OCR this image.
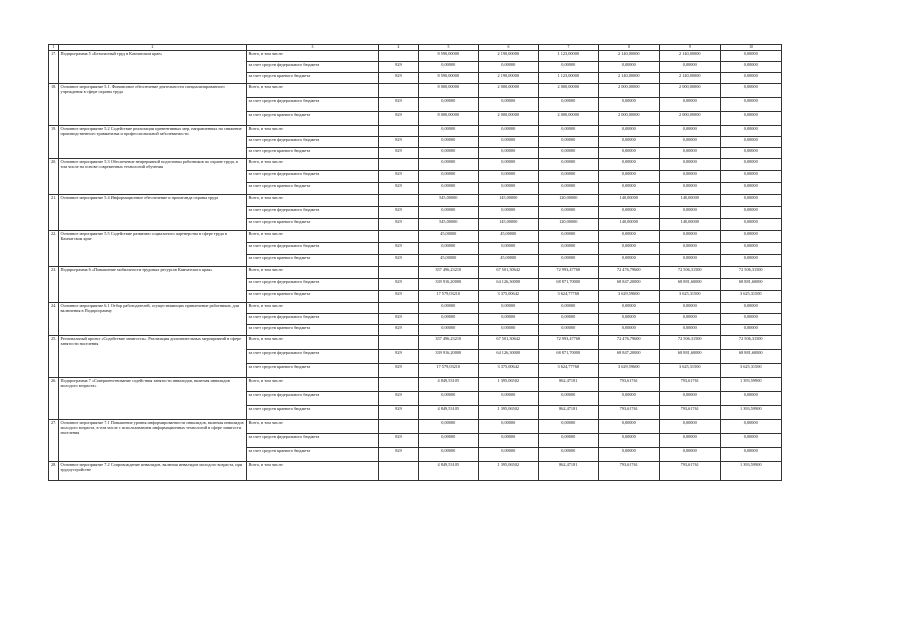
1	2	3	4	5	6	7	8	9	10
17.	Подпрограмма 5 «Безопасный труд в Камчатском крае»	Всего, в том числе:		8 590,00000	2 190,00000	1 123,00000	2 140,00000	2 140,00000	0,00000
		за счет средств федерального бюджета	829	0,00000	0,00000	0,00000	0,00000	0,00000	0,00000
		за счет средств краевого бюджета	829	8 590,00000	2 190,00000	1 123,00000	2 140,00000	2 140,00000	0,00000
18.	Основное мероприятие 5.1. Финансовое обеспечение деятельности специализированного учреждения в сфере охраны труда	Всего, в том числе:		8 000,00000	2 000,00000	2 000,00000	2 000,00000	2 000,00000	0,00000
		за счет средств федерального бюджета	829	0,00000	0,00000	0,00000	0,00000	0,00000	0,00000
		за счет средств краевого бюджета	829	8 000,00000	2 000,00000	2 000,00000	2 000,00000	2 000,00000	0,00000
19.	Основное мероприятие 5.2 Содействие реализации превентивных мер, направленных на снижение производственного травматизма и профессиональной заболеваемости	Всего, в том числе:		0,00000	0,00000	0,00000	0,00000	0,00000	0,00000
		за счет средств федерального бюджета	829	0,00000	0,00000	0,00000	0,00000	0,00000	0,00000
		за счет средств краевого бюджета	829	0,00000	0,00000	0,00000	0,00000	0,00000	0,00000
20.	Основное мероприятие 5.3 Обеспечение непрерывной подготовки работников по охране труда, в том числе на основе современных технологий обучения	Всего, в том числе:		0,00000	0,00000	0,00000	0,00000	0,00000	0,00000
		за счет средств федерального бюджета	829	0,00000	0,00000	0,00000	0,00000	0,00000	0,00000
		за счет средств краевого бюджета	829	0,00000	0,00000	0,00000	0,00000	0,00000	0,00000
21.	Основное мероприятие 5.4 Информационное обеспечение и пропаганда охраны труда	Всего, в том числе:		545,00000	145,00000	120,00000	140,00000	140,00000	0,00000
		за счет средств федерального бюджета	829	0,00000	0,00000	0,00000	0,00000	0,00000	0,00000
		за счет средств краевого бюджета	829	545,00000	145,00000	120,00000	140,00000	140,00000	0,00000
22.	Основное мероприятие 5.5 Содействие развитию социального партнерства в сфере труда в Камчатском крае	Всего, в том числе:		45,00000	45,00000	0,00000	0,00000	0,00000	0,00000
		за счет средств федерального бюджета	829	0,00000	0,00000	0,00000	0,00000	0,00000	0,00000
		за счет средств краевого бюджета	829	45,00000	45,00000	0,00000	0,00000	0,00000	0,00000
23.	Подпрограмма 6 «Повышение мобильности трудовых ресурсов Камчатского края»	Всего, в том числе:		357 496,23210	67 501,30642	72 993,47768	72 476,79600	72 506,31500	72 506,31500
		за счет средств федерального бюджета	829	339 916,20000	64 126,30000	68 871,70000	68 847,20000	68 881,60000	68 881,60000
		за счет средств краевого бюджета	829	17 579,03210	3 375,00642	3 624,77768	3 629,59600	3 625,31500	3 625,31500
24.	Основное мероприятие 6.1 Отбор работодателей, осуществляющих привлечение работников, для включения в Подпрограмму	Всего, в том числе:		0,00000	0,00000	0,00000	0,00000	0,00000	0,00000
		за счет средств федерального бюджета	829	0,00000	0,00000	0,00000	0,00000	0,00000	0,00000
		за счет средств краевого бюджета	829	0,00000	0,00000	0,00000	0,00000	0,00000	0,00000
25.	Региональный проект «Содействие занятости». Реализация дополнительных мероприятий в сфере занятости населения	Всего, в том числе:		357 496,23210	67 501,30642	72 993,47768	72 476,79600	72 506,31500	72 506,31500
		за счет средств федерального бюджета	829	339 916,20000	64 126,30000	68 871,70000	68 847,20000	68 881,60000	68 881,60000
		за счет средств краевого бюджета	829	17 579,03210	3 375,00642	3 624,77768	3 629,59600	3 625,31500	3 625,31500
26.	Подпрограмма 7 «Совершенствование содействия занятости инвалидов, включая инвалидов молодого возраста»	Всего, в том числе:		4 849,53105	1 395,06502	862,47181	793,61761	793,61761	1 393,59900
		за счет средств федерального бюджета	829	0,00000	0,00000	0,00000	0,00000	0,00000	0,00000
		за счет средств краевого бюджета	829	4 849,53105	1 395,06502	862,47181	793,61761	793,61761	1 393,59900
27.	Основное мероприятие 7.1 Повышение уровня информированности инвалидов, включая инвалидов молодого возраста, в том числе с использованием информационных технологий в сфере занятости населения	Всего, в том числе:		0,00000	0,00000	0,00000	0,00000	0,00000	0,00000
		за счет средств федерального бюджета	829	0,00000	0,00000	0,00000	0,00000	0,00000	0,00000
		за счет средств краевого бюджета	829	0,00000	0,00000	0,00000	0,00000	0,00000	0,00000
28.	Основное мероприятие 7.2 Сопровождение инвалидов, включая инвалидов молодого возраста, при трудоустройстве	Всего, в том числе:		4 849,53105	1 395,06502	862,47181	793,61761	793,61761	1 393,59900
